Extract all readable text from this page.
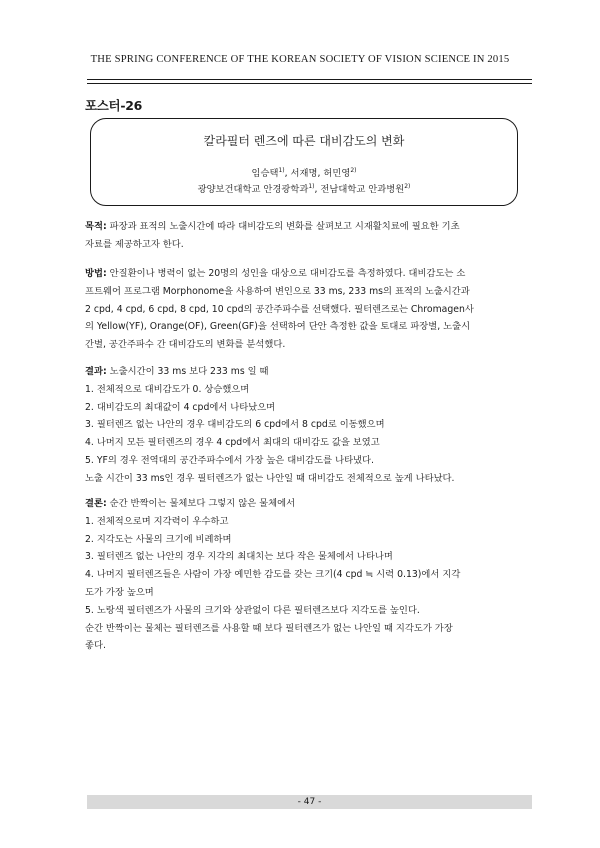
THE SPRING CONFERENCE OF THE KOREAN SOCIETY OF VISION SCIENCE IN 2015
포스터-26
칼라필터 렌즈에 따른 대비감도의 변화
임승택$^{1)}$, 서재명, 허민영$^{2)}$
광양보건대학교 안경광학과$^{1)}$, 전남대학교 안과병원$^{2)}$
목적: 파장과 표적의 노출시간에 따라 대비감도의 변화를 살펴보고 시재활치료에 필요한 기초
자료를 제공하고자 한다.
방법: 안질환이나 병력이 없는 20명의 성인을 대상으로 대비감도를 측정하였다. 대비감도는 소
프트웨어 프로그램 Morphonome을 사용하여 변인으로 33 ms, 233 ms의 표적의 노출시간과
2 cpd, 4 cpd, 6 cpd, 8 cpd, 10 cpd의 공간주파수를 선택했다. 필터렌즈로는 Chromagen사
의 Yellow(YF), Orange(OF), Green(GF)을 선택하여 단안 측정한 값을 토대로 파장별, 노출시
간별, 공간주파수 간 대비감도의 변화를 분석했다.
결과: 노출시간이 33 ms 보다 233 ms 일 때
1. 전체적으로 대비감도가 0. 상승했으며
2. 대비감도의 최대값이 4 cpd에서 나타났으며
3. 필터렌즈 없는 나안의 경우 대비감도의 6 cpd에서 8 cpd로 이동했으며
4. 나머지 모든 필터렌즈의 경우 4 cpd에서 최대의 대비감도 값을 보였고
5. YF의 경우 전역대의 공간주파수에서 가장 높은 대비감도를 나타냈다.
노출 시간이 33 ms인 경우 필터렌즈가 없는 나안일 때 대비감도 전체적으로 높게 나타났다.
결론: 순간 반짝이는 물체보다 그렇지 않은 물체에서
1. 전체적으로며 지각력이 우수하고
2. 지각도는 사물의 크기에 비례하며
3. 필터렌즈 없는 나안의 경우 지각의 최대치는 보다 작은 물체에서 나타나며
4. 나머지 필터렌즈들은 사람이 가장 예민한 감도를 갖는 크기(4 cpd ≒ 시력 0.13)에서 지각
도가 가장 높으며
5. 노랑색 필터렌즈가 사물의 크기와 상관없이 다른 필터렌즈보다 지각도를 높인다.
순간 반짝이는 물체는 필터렌즈를 사용할 때 보다 필터렌즈가 없는 나안일 때 지각도가 가장
좋다.
- 47 -
